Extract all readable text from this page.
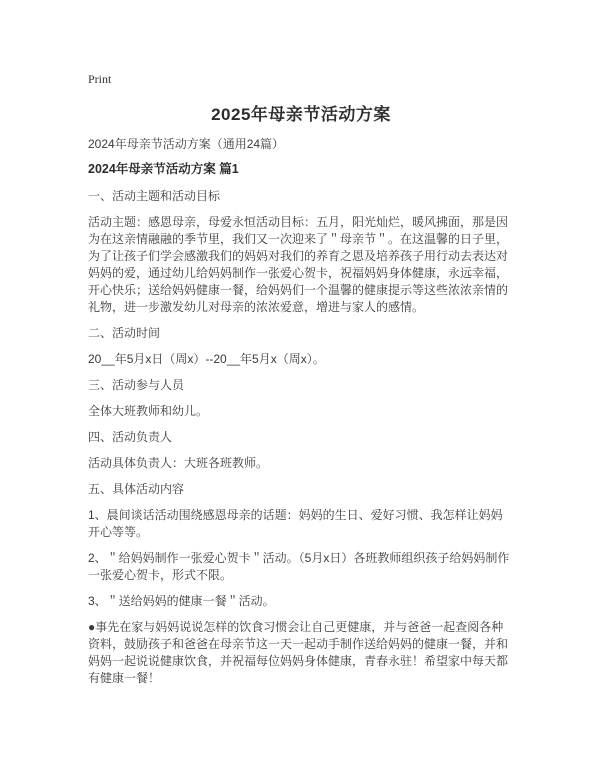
Print
2025年母亲节活动方案

2024年母亲节活动方案（通用24篇）

2024年母亲节活动方案 篇1

一、活动主题和活动目标

活动主题：感恩母亲，母爱永恒活动目标：五月，阳光灿烂，暖风拂面，那是因为在这亲情融融的季节里，我们又一次迎来了＂母亲节＂。在这温馨的日子里，为了让孩子们学会感激我们的妈妈对我们的养育之恩及培养孩子用行动去表达对妈妈的爱，通过幼儿给妈妈制作一张爱心贺卡，祝福妈妈身体健康，永远幸福，开心快乐；送给妈妈健康一餐，给妈妈们一个温馨的健康提示等这些浓浓亲情的礼物，进一步激发幼儿对母亲的浓浓爱意，增进与家人的感情。

二、活动时间

20__年5月x日（周x）--20__年5月x（周x）。

三、活动参与人员

全体大班教师和幼儿。

四、活动负责人

活动具体负责人：大班各班教师。

五、具体活动内容

1、晨间谈话活动围绕感恩母亲的话题：妈妈的生日、爱好习惯、我怎样让妈妈开心等等。

2、＂给妈妈制作一张爱心贺卡＂活动。（5月x日）各班教师组织孩子给妈妈制作一张爱心贺卡，形式不限。

3、＂送给妈妈的健康一餐＂活动。

●事先在家与妈妈说说怎样的饮食习惯会让自己更健康，并与爸爸一起查阅各种资料，鼓励孩子和爸爸在母亲节这一天一起动手制作送给妈妈的健康一餐，并和妈妈一起说说健康饮食，并祝福每位妈妈身体健康，青春永驻！希望家中每天都有健康一餐！
